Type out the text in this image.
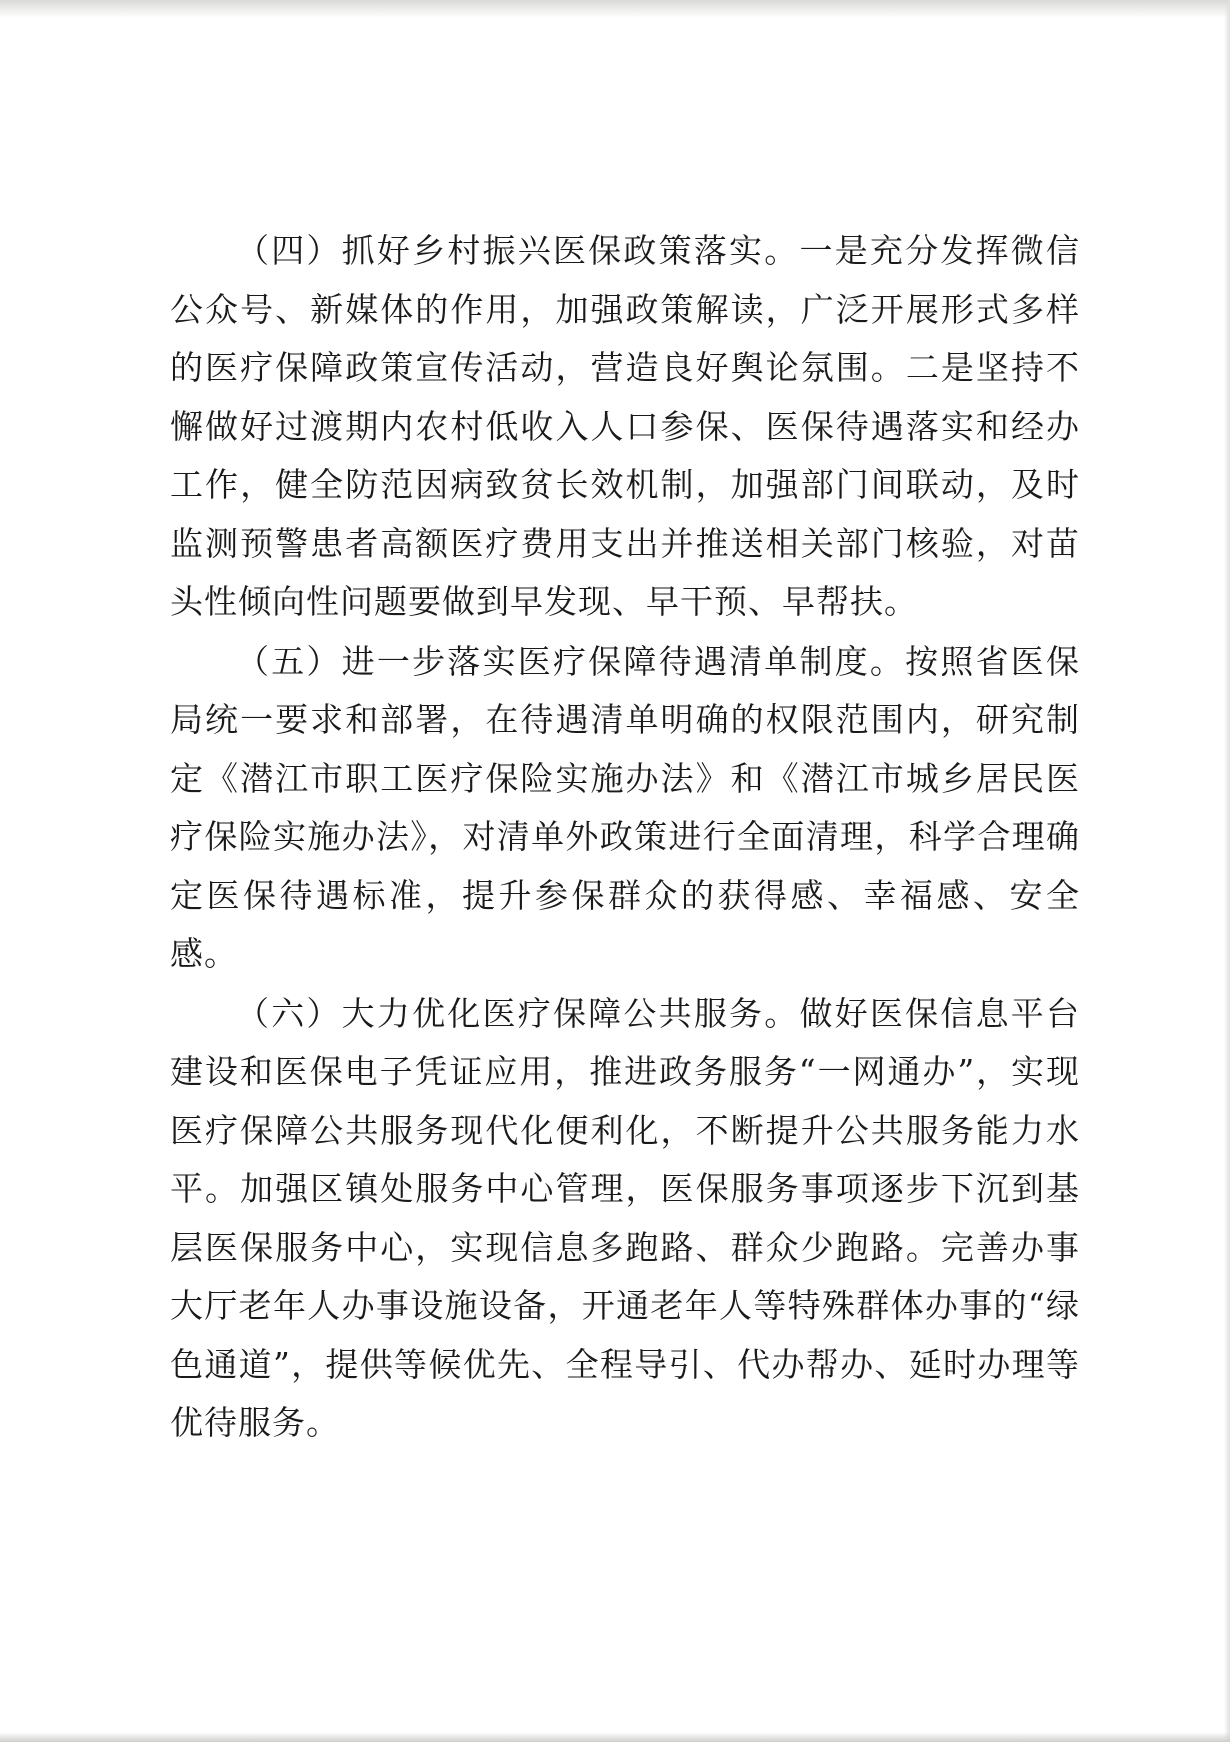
（四）抓好乡村振兴医保政策落实。一是充分发挥微信公众号、新媒体的作用，加强政策解读，广泛开展形式多样的医疗保障政策宣传活动，营造良好舆论氛围。二是坚持不懈做好过渡期内农村低收入人口参保、医保待遇落实和经办工作，健全防范因病致贫长效机制，加强部门间联动，及时监测预警患者高额医疗费用支出并推送相关部门核验，对苗头性倾向性问题要做到早发现、早干预、早帮扶。

（五）进一步落实医疗保障待遇清单制度。按照省医保局统一要求和部署，在待遇清单明确的权限范围内，研究制定《潜江市职工医疗保险实施办法》和《潜江市城乡居民医疗保险实施办法》，对清单外政策进行全面清理，科学合理确定医保待遇标准，提升参保群众的获得感、幸福感、安全感。

（六）大力优化医疗保障公共服务。做好医保信息平台建设和医保电子凭证应用，推进政务服务“一网通办”，实现医疗保障公共服务现代化便利化，不断提升公共服务能力水平。加强区镇处服务中心管理，医保服务事项逐步下沉到基层医保服务中心，实现信息多跑路、群众少跑路。完善办事大厅老年人办事设施设备，开通老年人等特殊群体办事的“绿色通道”，提供等候优先、全程导引、代办帮办、延时办理等优待服务。
